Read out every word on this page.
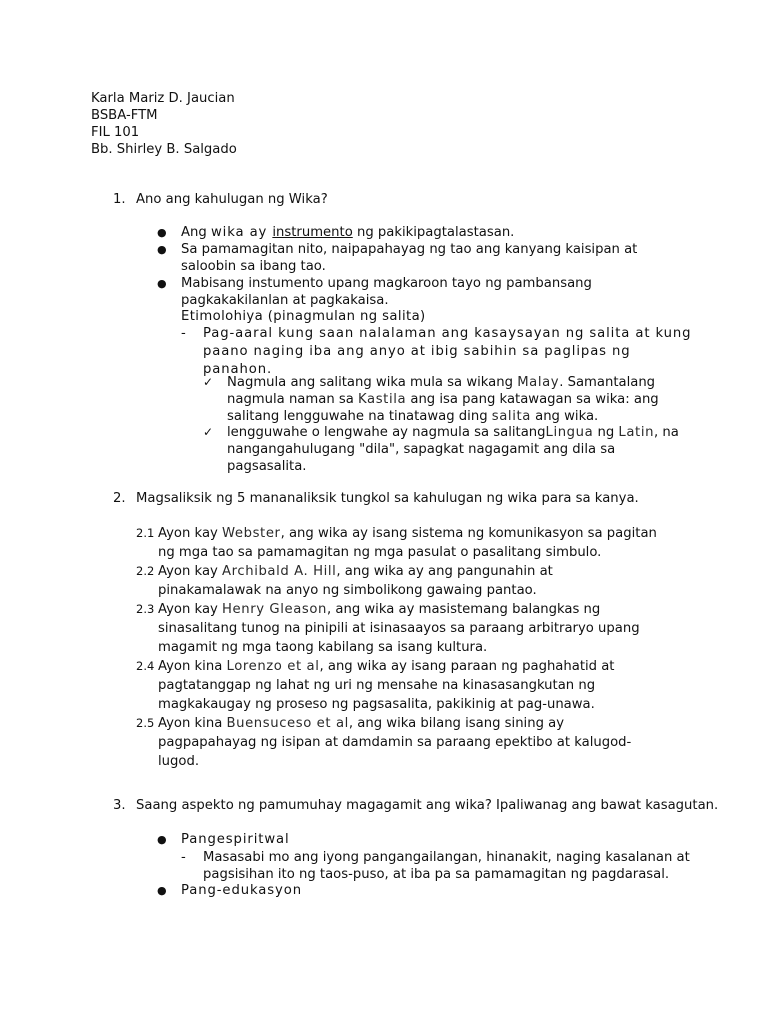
Karla Mariz D. Jaucian
BSBA-FTM
FIL 101
Bb. Shirley B. Salgado
1. Ano ang kahulugan ng Wika?
● Ang wika ay instrumento ng pakikipagtalastasan.
● Sa pamamagitan nito, naipapahayag ng tao ang kanyang kaisipan at saloobin sa ibang tao.
● Mabisang instumento upang magkaroon tayo ng pambansang pagkakakilanlan at pagkakaisa.
Etimolohiya (pinagmulan ng salita)
- Pag-aaral kung saan nalalaman ang kasaysayan ng salita at kung paano naging iba ang anyo at ibig sabihin sa paglipas ng panahon.
✓ Nagmula ang salitang wika mula sa wikang Malay. Samantalang nagmula naman sa Kastila ang isa pang katawagan sa wika: ang salitang lengguwahe na tinatawag ding salita ang wika.
✓ lengguwahe o lengwahe ay nagmula sa salitangLingua ng Latin, na nangangahulugang "dila", sapagkat nagagamit ang dila sa pagsasalita.
2. Magsaliksik ng 5 mananaliksik tungkol sa kahulugan ng wika para sa kanya.
2.1 Ayon kay Webster, ang wika ay isang sistema ng komunikasyon sa pagitan ng mga tao sa pamamagitan ng mga pasulat o pasalitang simbulo.
2.2 Ayon kay Archibald A. Hill, ang wika ay ang pangunahin at pinakamalawak na anyo ng simbolikong gawaing pantao.
2.3 Ayon kay Henry Gleason, ang wika ay masistemang balangkas ng sinasalitang tunog na pinipili at isinasaayos sa paraang arbitraryo upang magamit ng mga taong kabilang sa isang kultura.
2.4 Ayon kina Lorenzo et al, ang wika ay isang paraan ng paghahatid at pagtatanggap ng lahat ng uri ng mensahe na kinasasangkutan ng magkakaugay ng proseso ng pagsasalita, pakikinig at pag-unawa.
2.5 Ayon kina Buensuceso et al, ang wika bilang isang sining ay pagpapahayag ng isipan at damdamin sa paraang epektibo at kalugod-lugod.
3. Saang aspekto ng pamumuhay magagamit ang wika? Ipaliwanag ang bawat kasagutan.
● Pangespiritwal
- Masasabi mo ang iyong pangangailangan, hinanakit, naging kasalanan at pagsisihan ito ng taos-puso, at iba pa sa pamamagitan ng pagdarasal.
● Pang-edukasyon
